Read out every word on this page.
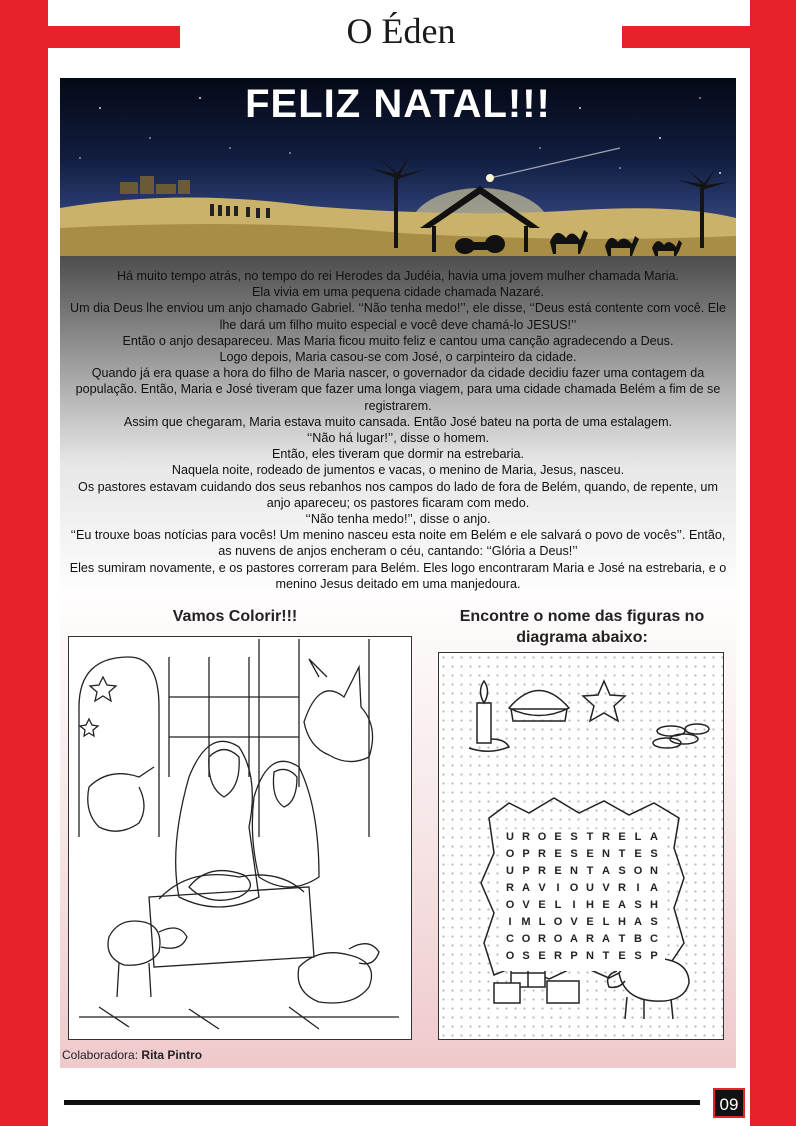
O Éden
FELIZ NATAL!!!
Há muito tempo atrás, no tempo do rei Herodes da Judéia, havia uma jovem mulher chamada Maria.
Ela vivia em uma pequena cidade chamada Nazaré.
Um dia Deus lhe enviou um anjo chamado Gabriel. ‘‘Não tenha medo!’’, ele disse, ‘‘Deus está contente com você. Ele lhe dará um filho muito especial e você deve chamá-lo JESUS!’’
Então o anjo desapareceu. Mas Maria ficou muito feliz e cantou uma canção agradecendo a Deus.
Logo depois, Maria casou-se com José, o carpinteiro da cidade.
Quando já era quase a hora do filho de Maria nascer, o governador da cidade decidiu fazer uma contagem da população. Então, Maria e José tiveram que fazer uma longa viagem, para uma cidade chamada Belém a fim de se registrarem.
Assim que chegaram, Maria estava muito cansada. Então José bateu na porta de uma estalagem.
‘‘Não há lugar!’’, disse o homem.
Então, eles tiveram que dormir na estrebaria.
Naquela noite, rodeado de jumentos e vacas, o menino de Maria, Jesus, nasceu.
Os pastores estavam cuidando dos seus rebanhos nos campos do lado de fora de Belém, quando, de repente, um anjo apareceu; os pastores ficaram com medo.
‘‘Não tenha medo!’’, disse o anjo.
‘‘Eu trouxe boas notícias para vocês! Um menino nasceu esta noite em Belém e ele salvará o povo de vocês’’. Então, as nuvens de anjos encheram o céu, cantando: ‘‘Glória a Deus!’’
Eles sumiram novamente, e os pastores correram para Belém. Eles logo encontraram Maria e José na estrebaria, e o menino Jesus deitado em uma manjedoura.
Vamos Colorir!!!	Encontre o nome das figuras no diagrama abaixo:
U R O E S T R E L A
O P R E S E N T E S
U P R E N T A S O N
R A V I O U V R I A
O V E L	I H E A S H
I M L O V E L H A S
C O R O A R A T B C
O S E R P N T E S P
Colaboradora: Rita Pintro
09
